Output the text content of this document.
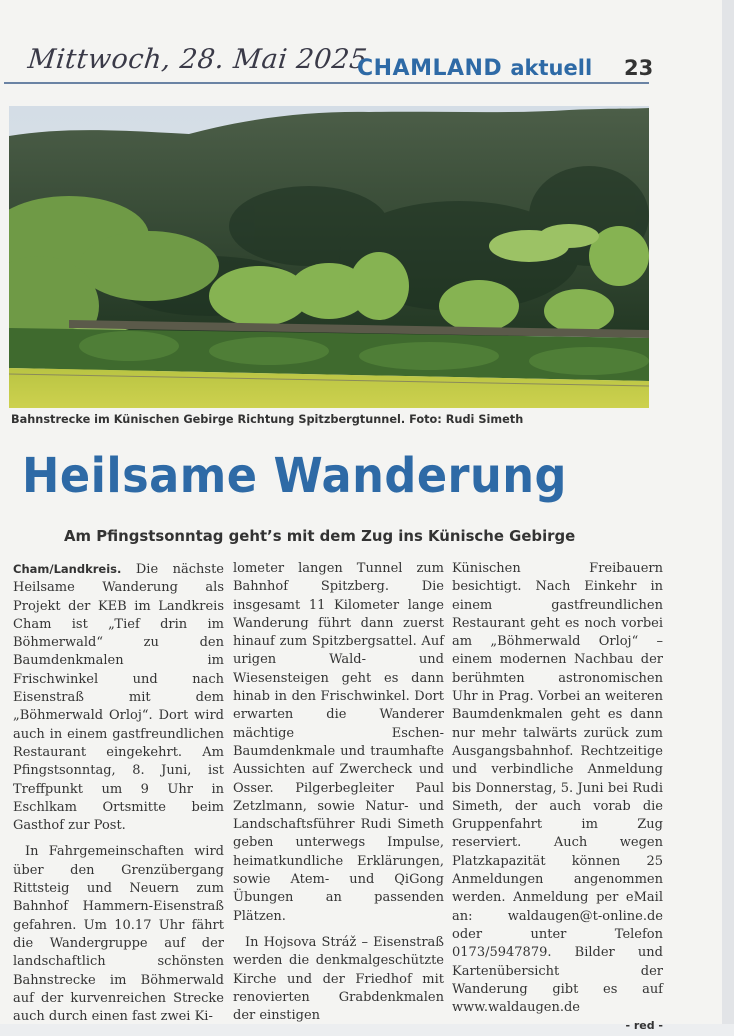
Mittwoch, 28. Mai 2025
CHAMLAND aktuell 23
Bahnstrecke im Künischen Gebirge Richtung Spitzbergtunnel. Foto: Rudi Simeth
Heilsame Wanderung
Am Pfingstsonntag geht’s mit dem Zug ins Künische Gebirge

Cham/Landkreis. Die nächste Heilsame Wanderung als Projekt der KEB im Landkreis Cham ist „Tief drin im Böhmerwald“ zu den Baumdenkmalen im Frischwinkel und nach Eisenstraß mit dem „Böhmerwald Orloj“. Dort wird auch in einem gastfreundlichen Restaurant eingekehrt. Am Pfingstsonntag, 8. Juni, ist Treffpunkt um 9 Uhr in Eschlkam Ortsmitte beim Gasthof zur Post.

In Fahrgemeinschaften wird über den Grenzübergang Rittsteig und Neuern zum Bahnhof Hammern-Eisenstraß gefahren. Um 10.17 Uhr fährt die Wandergruppe auf der landschaftlich schönsten Bahnstrecke im Böhmerwald auf der kurvenreichen Strecke auch durch einen fast zwei Ki-

lometer langen Tunnel zum Bahnhof Spitzberg. Die insgesamt 11 Kilometer lange Wanderung führt dann zuerst hinauf zum Spitzbergsattel. Auf urigen Wald- und Wiesensteigen geht es dann hinab in den Frischwinkel. Dort erwarten die Wanderer mächtige Eschen-Baumdenkmale und traumhafte Aussichten auf Zwercheck und Osser. Pilgerbegleiter Paul Zetzlmann, sowie Natur- und Landschaftsführer Rudi Simeth geben unterwegs Impulse, heimatkundliche Erklärungen, sowie Atem- und QiGong Übungen an passenden Plätzen.

In Hojsova Stráž – Eisenstraß werden die denkmalgeschützte Kirche und der Friedhof mit renovierten Grabdenkmalen der einstigen

Künischen Freibauern besichtigt. Nach Einkehr in einem gastfreundlichen Restaurant geht es noch vorbei am „Böhmerwald Orloj“ – einem modernen Nachbau der berühmten astronomischen Uhr in Prag. Vorbei an weiteren Baumdenkmalen geht es dann nur mehr talwärts zurück zum Ausgangsbahnhof. Rechtzeitige und verbindliche Anmeldung bis Donnerstag, 5. Juni bei Rudi Simeth, der auch vorab die Gruppenfahrt im Zug reserviert. Auch wegen Platzkapazität können 25 Anmeldungen angenommen werden. Anmeldung per eMail an: waldaugen@t-online.de oder unter Telefon 0173/5947879. Bilder und Kartenübersicht der Wanderung gibt es auf www.waldaugen.de

- red -
